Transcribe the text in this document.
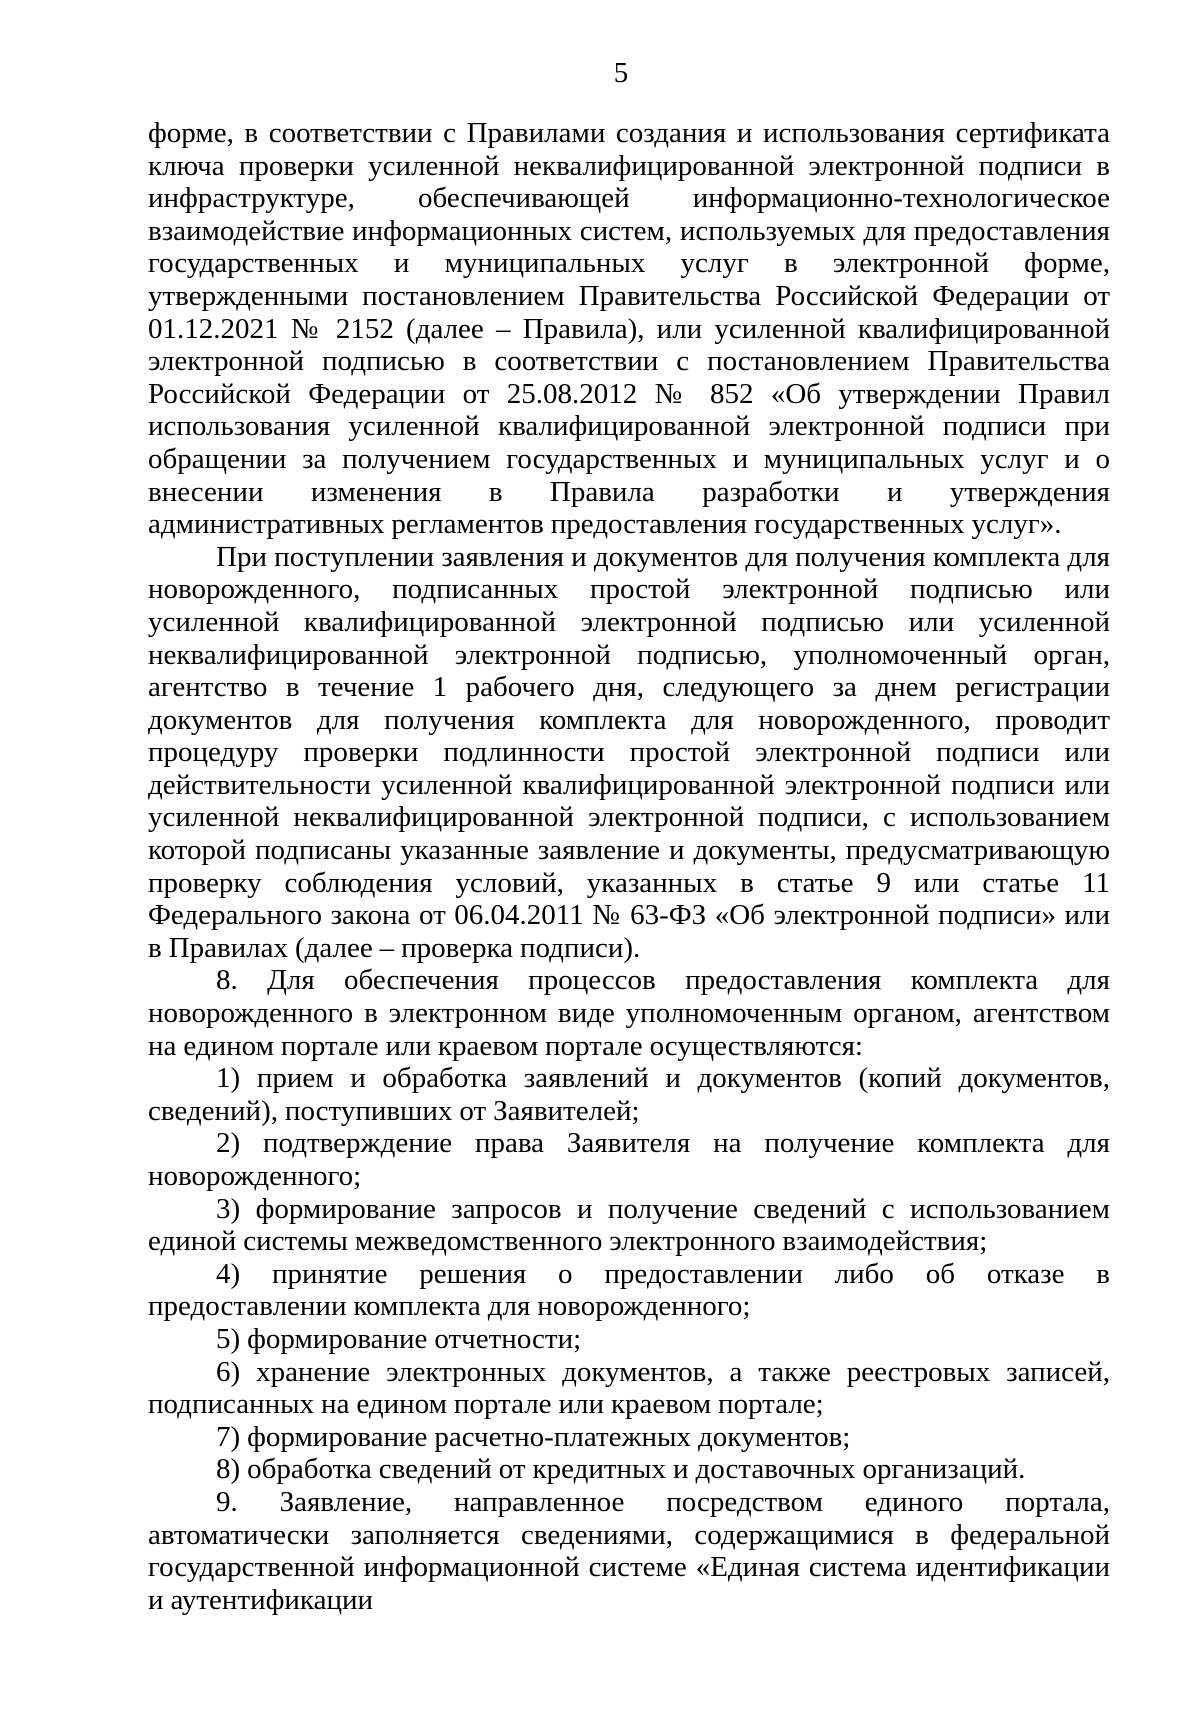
5

форме, в соответствии с Правилами создания и использования сертификата ключа проверки усиленной неквалифицированной электронной подписи в инфраструктуре, обеспечивающей информационно-технологическое взаимодействие информационных систем, используемых для предоставления государственных и муниципальных услуг в электронной форме, утвержденными постановлением Правительства Российской Федерации от 01.12.2021 № 2152 (далее – Правила), или усиленной квалифицированной электронной подписью в соответствии с постановлением Правительства Российской Федерации от 25.08.2012 № 852 «Об утверждении Правил использования усиленной квалифицированной электронной подписи при обращении за получением государственных и муниципальных услуг и о внесении изменения в Правила разработки и утверждения административных регламентов предоставления государственных услуг».

При поступлении заявления и документов для получения комплекта для новорожденного, подписанных простой электронной подписью или усиленной квалифицированной электронной подписью или усиленной неквалифицированной электронной подписью, уполномоченный орган, агентство в течение 1 рабочего дня, следующего за днем регистрации документов для получения комплекта для новорожденного, проводит процедуру проверки подлинности простой электронной подписи или действительности усиленной квалифицированной электронной подписи или усиленной неквалифицированной электронной подписи, с использованием которой подписаны указанные заявление и документы, предусматривающую проверку соблюдения условий, указанных в статье 9 или статье 11 Федерального закона от 06.04.2011 № 63-ФЗ «Об электронной подписи» или в Правилах (далее – проверка подписи).

8. Для обеспечения процессов предоставления комплекта для новорожденного в электронном виде уполномоченным органом, агентством на едином портале или краевом портале осуществляются:

1) прием и обработка заявлений и документов (копий документов, сведений), поступивших от Заявителей;

2) подтверждение права Заявителя на получение комплекта для новорожденного;

3) формирование запросов и получение сведений с использованием единой системы межведомственного электронного взаимодействия;

4) принятие решения о предоставлении либо об отказе в предоставлении комплекта для новорожденного;

5) формирование отчетности;

6) хранение электронных документов, а также реестровых записей, подписанных на едином портале или краевом портале;

7) формирование расчетно-платежных документов;

8) обработка сведений от кредитных и доставочных организаций.

9. Заявление, направленное посредством единого портала, автоматически заполняется сведениями, содержащимися в федеральной государственной информационной системе «Единая система идентификации и аутентификации
